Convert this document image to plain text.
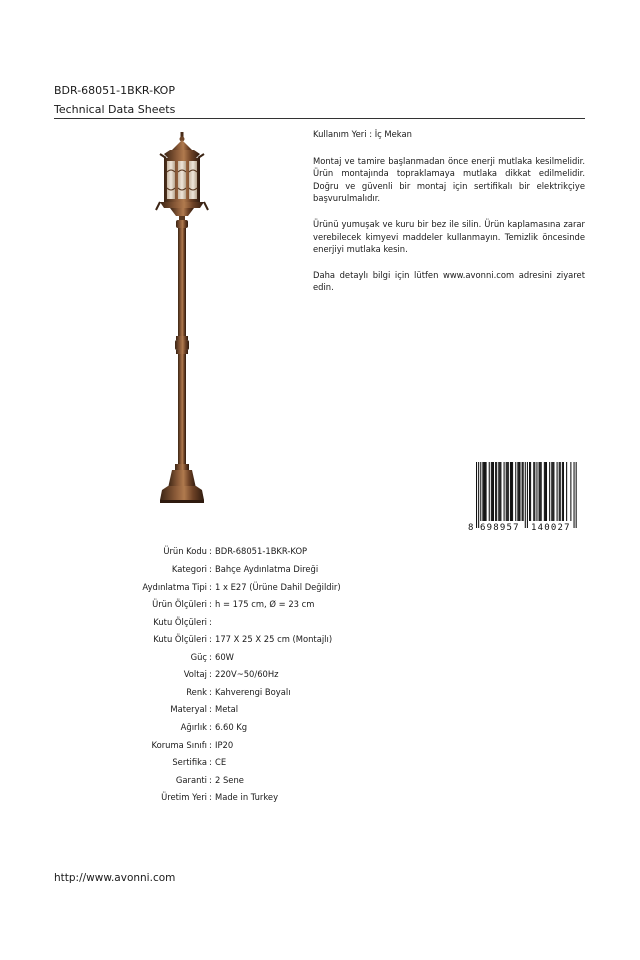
BDR-68051-1BKR-KOP
Technical Data Sheets

Kullanım Yeri : İç Mekan

Montaj ve tamire başlanmadan önce enerji mutlaka kesilmelidir. Ürün montajında topraklamaya mutlaka dikkat edilmelidir. Doğru ve güvenli bir montaj için sertifikalı bir elektrikçiye başvurulmalıdır.

Ürünü yumuşak ve kuru bir bez ile silin. Ürün kaplamasına zarar verebilecek kimyevi maddeler kullanmayın. Temizlik öncesinde enerjiyi mutlaka kesin.

Daha detaylı bilgi için lütfen www.avonni.com adresini ziyaret edin.

8 698957 140027
Ürün Kodu : BDR-68051-1BKR-KOP
Kategori : Bahçe Aydınlatma Direği
Aydınlatma Tipi : 1 x E27 (Ürüne Dahil Değildir)
Ürün Ölçüleri : h = 175 cm, Ø = 23 cm
Kutu Ölçüleri :
Kutu Ölçüleri : 177 X 25 X 25 cm (Montajlı)
Güç : 60W
Voltaj : 220V~50/60Hz
Renk : Kahverengi Boyalı
Materyal : Metal
Ağırlık : 6.60 Kg
Koruma Sınıfı : IP20
Sertifika : CE
Garanti : 2 Sene
Üretim Yeri : Made in Turkey
http://www.avonni.com
